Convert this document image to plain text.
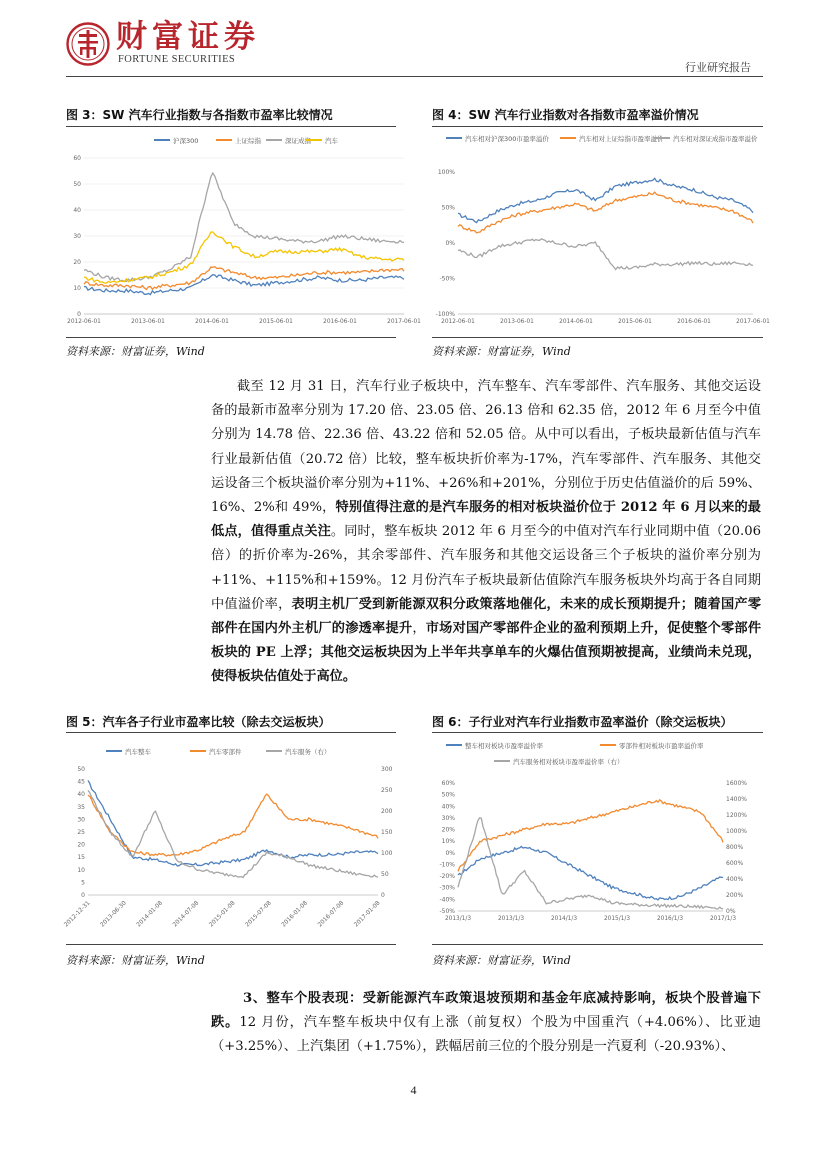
财富证券
FORTUNE SECURITIES
行业研究报告
图 3：SW 汽车行业指数与各指数市盈率比较情况	图 4：SW 汽车行业指数对各指数市盈率溢价情况
沪深300	上证综指	深证成指 汽车
0
10
20
30
40
50
60
2012-06-01	2013-06-01	2014-06-01	2015-06-01	2016-06-01	2017-06-01
汽车相对沪深300市盈率溢价	汽车相对上证综指市盈率溢价 汽车相对深证成指市盈率溢价
-100%
-50%
0%
50%
100%
2012-06-01	2013-06-01	2014-06-01	2015-06-01	2016-06-01	2017-06-01
资料来源：财富证券，Wind	资料来源：财富证券，Wind
截至 12 月 31 日，汽车行业子板块中，汽车整车、汽车零部件、汽车服务、其他交运设备的最新市盈率分别为 17.20 倍、23.05 倍、26.13 倍和 62.35 倍，2012 年 6 月至今中值分别为 14.78 倍、22.36 倍、43.22 倍和 52.05 倍。从中可以看出，子板块最新估值与汽车行业最新估值（20.72 倍）比较，整车板块折价率为-17%，汽车零部件、汽车服务、其他交运设备三个板块溢价率分别为+11%、+26%和+201%，分别位于历史估值溢价的后 59%、16%、2%和 49%，特别值得注意的是汽车服务的相对板块溢价位于 2012 年 6 月以来的最低点，值得重点关注。同时，整车板块 2012 年 6 月至今的中值对汽车行业同期中值（20.06 倍）的折价率为-26%，其余零部件、汽车服务和其他交运设备三个子板块的溢价率分别为+11%、+115%和+159%。12 月份汽车子板块最新估值除汽车服务板块外均高于各自同期中值溢价率，表明主机厂受到新能源双积分政策落地催化，未来的成长预期提升；随着国产零部件在国内外主机厂的渗透率提升，市场对国产零部件企业的盈利预期上升，促使整个零部件板块的 PE 上浮；其他交运板块因为上半年共享单车的火爆估值预期被提高，业绩尚未兑现，使得板块估值处于高位。
图 5：汽车各子行业市盈率比较（除去交运板块）	图 6：子行业对汽车行业指数市盈率溢价（除交运板块）
汽车整车	汽车零部件	汽车服务（右）
0
5
10
15
20
25
30
35
40
45
50
0
50
100
150
200
250
300
2012-12-31 2013-06-30 2014-01-08 2014-07-08 2015-01-08 2015-07-08 2016-01-08 2016-07-08 2017-01-08
整车相对板块市盈率溢价率	零部件相对板块市盈率溢价率
汽车服务相对板块市盈率溢价率（右）
-50%
-40%
-30%
-20%
-10%
0%
10%
20%
30%
40%
50%
60%
0%
200%
400%
600%
800%
1000%
1200%
1400%
1600%
2013/1/3	2013/1/3	2014/1/3	2015/1/3	2016/1/3	2017/1/3
资料来源：财富证券，Wind	资料来源：财富证券，Wind
3、整车个股表现：受新能源汽车政策退坡预期和基金年底减持影响，板块个股普遍下跌。12 月份，汽车整车板块中仅有上涨（前复权）个股为中国重汽（+4.06%）、比亚迪（+3.25%）、上汽集团（+1.75%），跌幅居前三位的个股分别是一汽夏利（-20.93%）、
4
